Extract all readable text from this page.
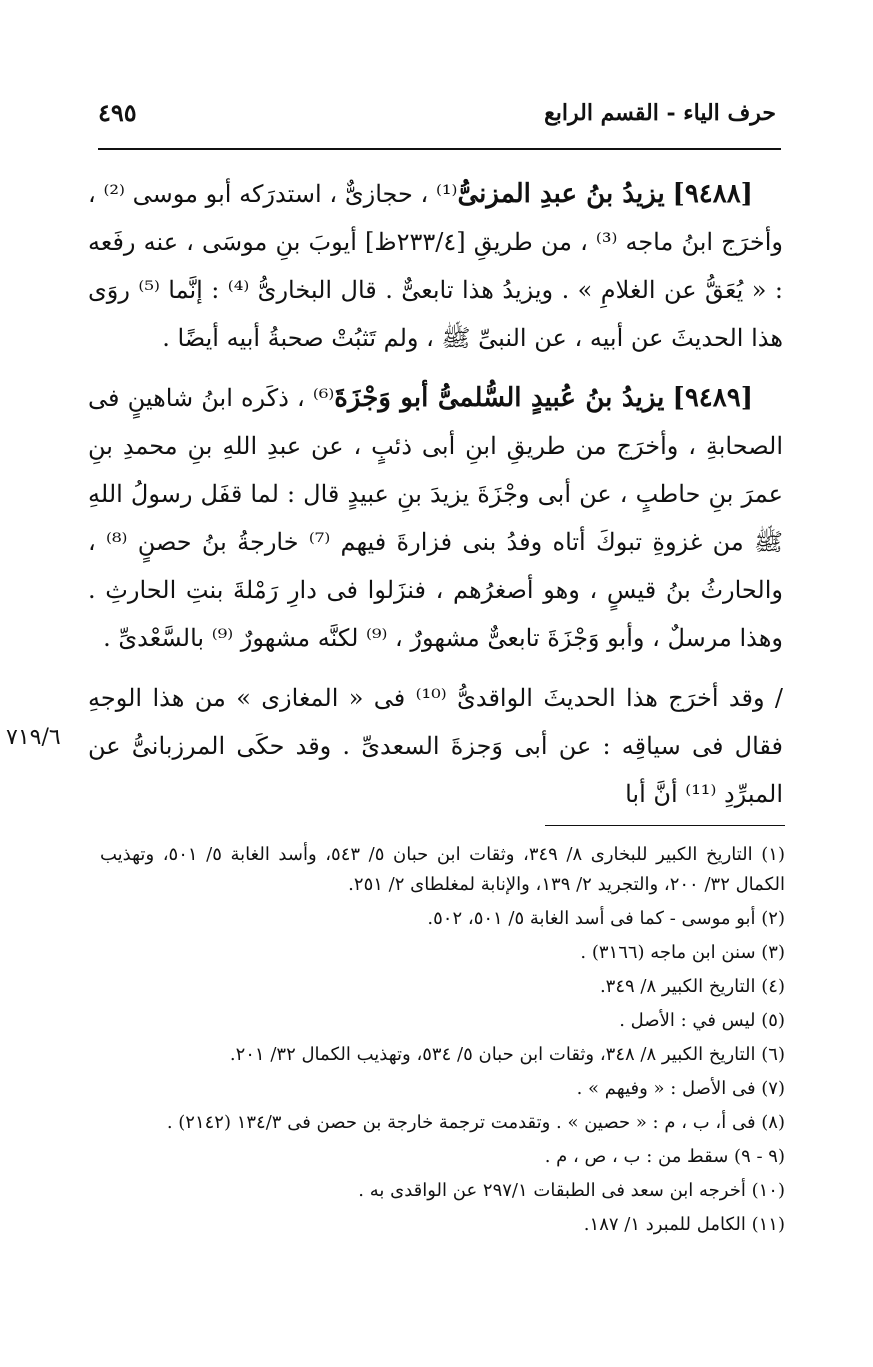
حرف الياء - القسم الرابع
٤٩٥

[٩٤٨٨] يزيدُ بنُ عبدِ المزنىُّ⁽¹⁾ ، حجازىٌّ ، استدرَكه أبو موسى ⁽²⁾ ، وأخرَج ابنُ ماجه ⁽³⁾ ، من طريقِ [٢٣٣/٤ظ] أيوبَ بنِ موسَى ، عنه رفَعه : « يُعَقُّ عن الغلامِ » . ويزيدُ هذا تابعىٌّ . قال البخارىُّ ⁽⁴⁾ : إنَّما ⁽⁵⁾ روَى هذا الحديثَ عن أبيه ، عن النبىِّ ﷺ ، ولم تَثبُتْ صحبةُ أبيه أيضًا .

[٩٤٨٩] يزيدُ بنُ عُبيدٍ السُّلمىُّ أبو وَجْزَةَ⁽⁶⁾ ، ذكَره ابنُ شاهينٍ فى الصحابةِ ، وأخرَج من طريقِ ابنِ أبى ذئبٍ ، عن عبدِ اللهِ بنِ محمدِ بنِ عمرَ بنِ حاطبٍ ، عن أبى وجْزَةَ يزيدَ بنِ عبيدٍ قال : لما قفَل رسولُ اللهِ ﷺ من غزوةِ تبوكَ أتاه وفدُ بنى فزارةَ فيهم ⁽⁷⁾ خارجةُ بنُ حصنٍ ⁽⁸⁾ ، والحارثُ بنُ قيسٍ ، وهو أصغرُهم ، فنزَلوا فى دارِ رَمْلةَ بنتِ الحارثِ . وهذا مرسلٌ ، وأبو وَجْزَةَ تابعىٌّ مشهورٌ ، ⁽⁹⁾ لكنَّه مشهورٌ ⁽⁹⁾ بالسَّعْدىِّ .

/ وقد أخرَج هذا الحديثَ الواقدىُّ ⁽¹⁰⁾ فى « المغازى » من هذا الوجهِ فقال فى سياقِه : عن أبى وَجزةَ السعدىِّ . وقد حكَى المرزبانىُّ عن المبرِّدِ ⁽¹¹⁾ أنَّ أبا

٧١٩/٦

(١) التاريخ الكبير للبخارى ٨/ ٣٤٩، وثقات ابن حبان ٥/ ٥٤٣، وأسد الغابة ٥/ ٥٠١، وتهذيب الكمال ٣٢/ ٢٠٠، والتجريد ٢/ ١٣٩، والإنابة لمغلطاى ٢/ ٢٥١.

(٢) أبو موسى - كما فى أسد الغابة ٥/ ٥٠١، ٥٠٢.

(٣) سنن ابن ماجه (٣١٦٦) .

(٤) التاريخ الكبير ٨/ ٣٤٩.

(٥) ليس في : الأصل .

(٦) التاريخ الكبير ٨/ ٣٤٨، وثقات ابن حبان ٥/ ٥٣٤، وتهذيب الكمال ٣٢/ ٢٠١.

(٧) فى الأصل : « وفيهم » .

(٨) فى أ، ب ، م : « حصين » . وتقدمت ترجمة خارجة بن حصن فى ١٣٤/٣ (٢١٤٢) .

(٩ - ٩) سقط من : ب ، ص ، م .

(١٠) أخرجه ابن سعد فى الطبقات ٢٩٧/١ عن الواقدى به .

(١١) الكامل للمبرد ١/ ١٨٧.
